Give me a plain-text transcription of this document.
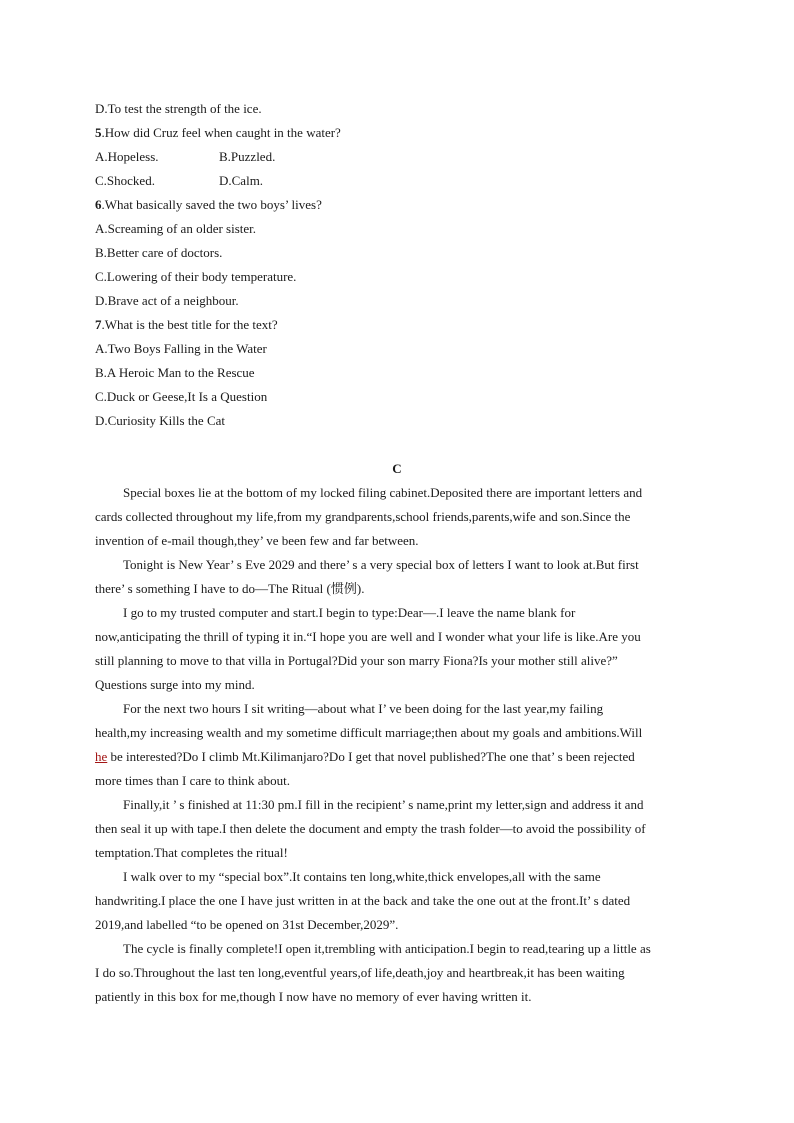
D.To test the strength of the ice.
5.How did Cruz feel when caught in the water?
A.Hopeless.	B.Puzzled.
C.Shocked.	D.Calm.
6.What basically saved the two boys’ lives?
A.Screaming of an older sister.
B.Better care of doctors.
C.Lowering of their body temperature.
D.Brave act of a neighbour.
7.What is the best title for the text?
A.Two Boys Falling in the Water
B.A Heroic Man to the Rescue
C.Duck or Geese,It Is a Question
D.Curiosity Kills the Cat
C
Special boxes lie at the bottom of my locked filing cabinet.Deposited there are important letters and
cards collected throughout my life,from my grandparents,school friends,parents,wife and son.Since the
invention of e-mail though,they’ ve been few and far between.
Tonight is New Year’ s Eve 2029 and there’ s a very special box of letters I want to look at.But first
there’ s something I have to do—The Ritual (惯例).
I go to my trusted computer and start.I begin to type:Dear—.I leave the name blank for
now,anticipating the thrill of typing it in.“I hope you are well and I wonder what your life is like.Are you
still planning to move to that villa in Portugal?Did your son marry Fiona?Is your mother still alive?”
Questions surge into my mind.
For the next two hours I sit writing—about what I’ ve been doing for the last year,my failing
health,my increasing wealth and my sometime difficult marriage;then about my goals and ambitions.Will
he be interested?Do I climb Mt.Kilimanjaro?Do I get that novel published?The one that’ s been rejected
more times than I care to think about.
Finally,it ’ s finished at 11:30 pm.I fill in the recipient’ s name,print my letter,sign and address it and
then seal it up with tape.I then delete the document and empty the trash folder—to avoid the possibility of
temptation.That completes the ritual!
I walk over to my “special box”.It contains ten long,white,thick envelopes,all with the same
handwriting.I place the one I have just written in at the back and take the one out at the front.It’ s dated
2019,and labelled “to be opened on 31st December,2029”.
The cycle is finally complete!I open it,trembling with anticipation.I begin to read,tearing up a little as
I do so.Throughout the last ten long,eventful years,of life,death,joy and heartbreak,it has been waiting
patiently in this box for me,though I now have no memory of ever having written it.
